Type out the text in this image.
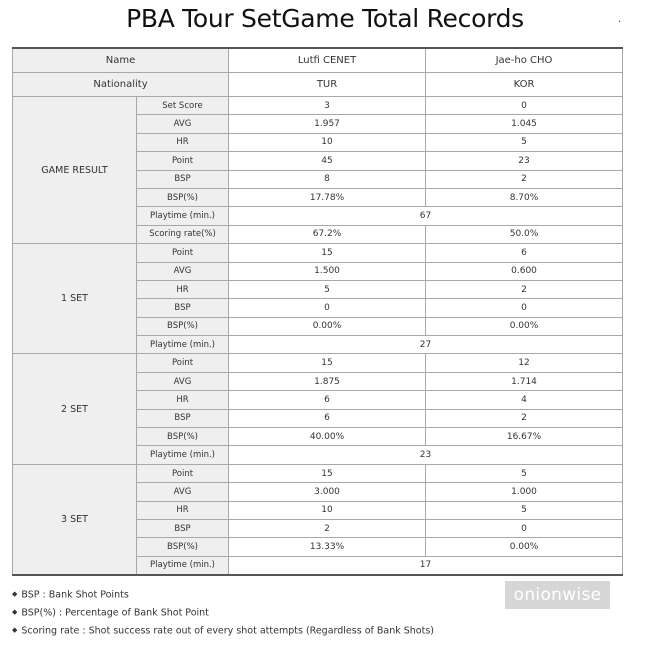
PBA Tour SetGame Total Records	.
Name		Lutfi CENET	Jae-ho CHO
Nationality		TUR	KOR
GAME RESULT	Set Score	3	0
	AVG	1.957	1.045
	HR	10	5
	Point	45	23
	BSP	8	2
	BSP(%)	17.78%	8.70%
	Playtime (min.)	67	
	Scoring rate(%)	67.2%	50.0%
1 SET	Point	15	6
	AVG	1.500	0.600
	HR	5	2
	BSP	0	0
	BSP(%)	0.00%	0.00%
	Playtime (min.)	27	
2 SET	Point	15	12
	AVG	1.875	1.714
	HR	6	4
	BSP	6	2
	BSP(%)	40.00%	16.67%
	Playtime (min.)	23	
3 SET	Point	15	5
	AVG	3.000	1.000
	HR	10	5
	BSP	2	0
	BSP(%)	13.33%	0.00%
	Playtime (min.)	17	
◆ BSP : Bank Shot Points
◆ BSP(%) : Percentage of Bank Shot Point
◆ Scoring rate : Shot success rate out of every shot attempts (Regardless of Bank Shots)
onionwise
